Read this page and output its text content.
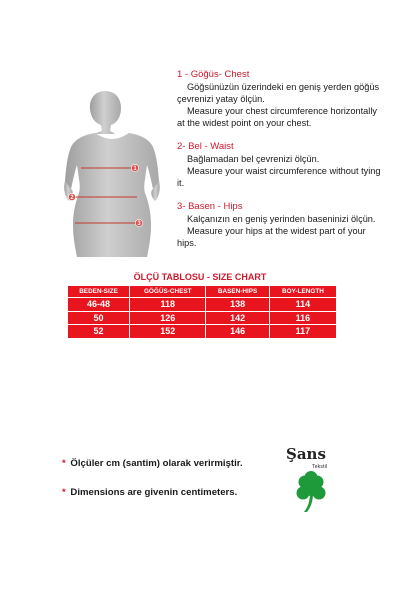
1
2
3
1 - Göğüs- Chest
Göğsünüzün üzerindeki en geniş yerden göğüs çevrenizi yatay ölçün.
Measure your chest circumference horizontally at the widest point on your chest.
2- Bel - Waist
Bağlamadan bel çevrenizi ölçün.
Measure your waist circumference without tying it.
3- Basen - Hips
Kalçanızın en geniş yerinden baseninizi ölçün.
Measure your hips at the widest part of your hips.
ÖLÇÜ TABLOSU - SIZE CHART
BEDEN-SIZE	GÖĞÜS-CHEST	BASEN-HIPS	BOY-LENGTH
46-48	118	138	114
50	126	142	116
52	152	146	117
* Ölçüler cm (santim) olarak verirmiştir.
* Dimensions are givenin centimeters.
Şans
Tekstil
